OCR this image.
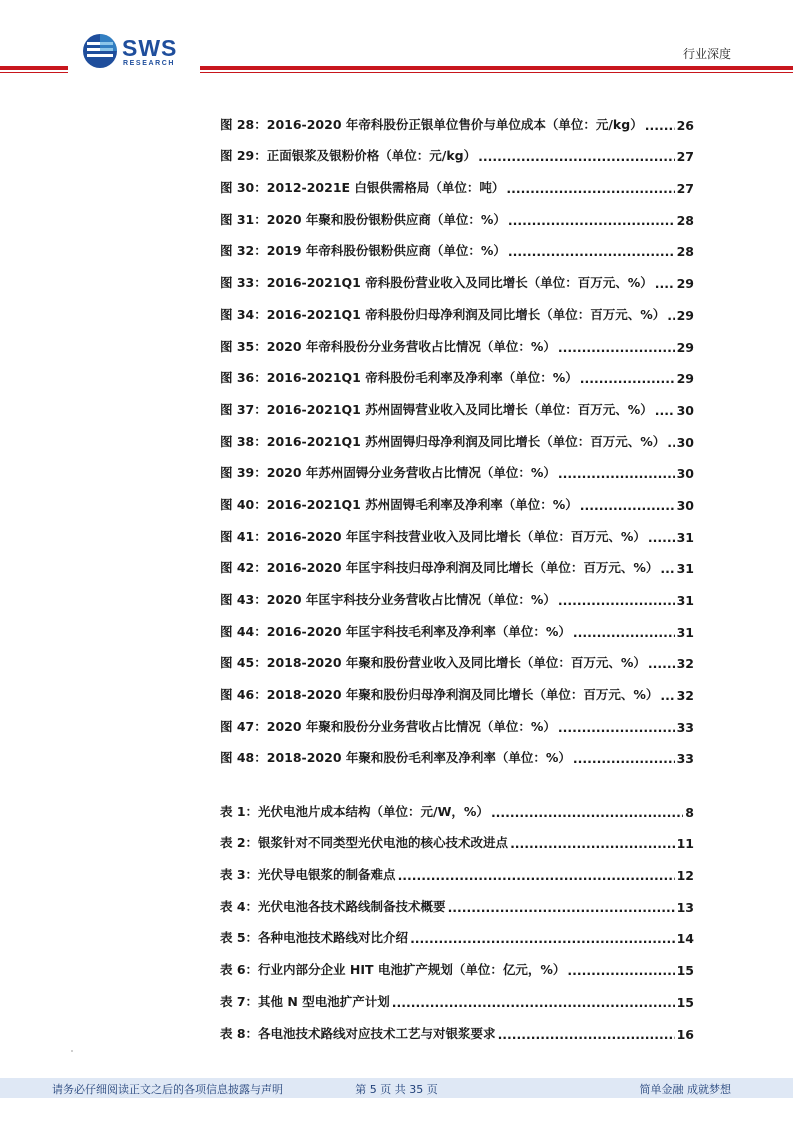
SWS
RESEARCH
行业深度
图 28：2016-2020 年帝科股份正银单位售价与单位成本（单位：元/kg） .....	26
图 29：正面银浆及银粉价格（单位：元/kg） .....	27
图 30：2012-2021E 白银供需格局（单位：吨） .....	27
图 31：2020 年聚和股份银粉供应商（单位：%） .....	28
图 32：2019 年帝科股份银粉供应商（单位：%） .....	28
图 33：2016-2021Q1 帝科股份营业收入及同比增长（单位：百万元、%） ..... 29
图 34：2016-2021Q1 帝科股份归母净利润及同比增长（单位：百万元、%） ..... 29
图 35：2020 年帝科股份分业务营收占比情况（单位：%） .....	29
图 36：2016-2021Q1 帝科股份毛利率及净利率（单位：%） .....	29
图 37：2016-2021Q1 苏州固锝营业收入及同比增长（单位：百万元、%） ..... 30
图 38：2016-2021Q1 苏州固锝归母净利润及同比增长（单位：百万元、%） ..... 30
图 39：2020 年苏州固锝分业务营收占比情况（单位：%） .....	30
图 40：2016-2021Q1 苏州固锝毛利率及净利率（单位：%） .....	30
图 41：2016-2020 年匡宇科技营业收入及同比增长（单位：百万元、%） ..... 31
图 42：2016-2020 年匡宇科技归母净利润及同比增长（单位：百万元、%） ..... 31
图 43：2020 年匡宇科技分业务营收占比情况（单位：%） .....	31
图 44：2016-2020 年匡宇科技毛利率及净利率（单位：%） .....	31
图 45：2018-2020 年聚和股份营业收入及同比增长（单位：百万元、%） ..... 32
图 46：2018-2020 年聚和股份归母净利润及同比增长（单位：百万元、%） ..... 32
图 47：2020 年聚和股份分业务营收占比情况（单位：%） .....	33
图 48：2018-2020 年聚和股份毛利率及净利率（单位：%） .....	33
表 1：光伏电池片成本结构（单位：元/W，%） .....	8
表 2：银浆针对不同类型光伏电池的核心技术改进点 .....	11
表 3：光伏导电银浆的制备难点 .....	12
表 4：光伏电池各技术路线制备技术概要 .....	13
表 5：各种电池技术路线对比介绍 .....	14
表 6：行业内部分企业 HIT 电池扩产规划（单位：亿元，%） .....	15
表 7：其他 N 型电池扩产计划 .....	15
表 8：各电池技术路线对应技术工艺与对银浆要求 .....	16
请务必仔细阅读正文之后的各项信息披露与声明	第 5 页 共 35 页	简单金融 成就梦想
